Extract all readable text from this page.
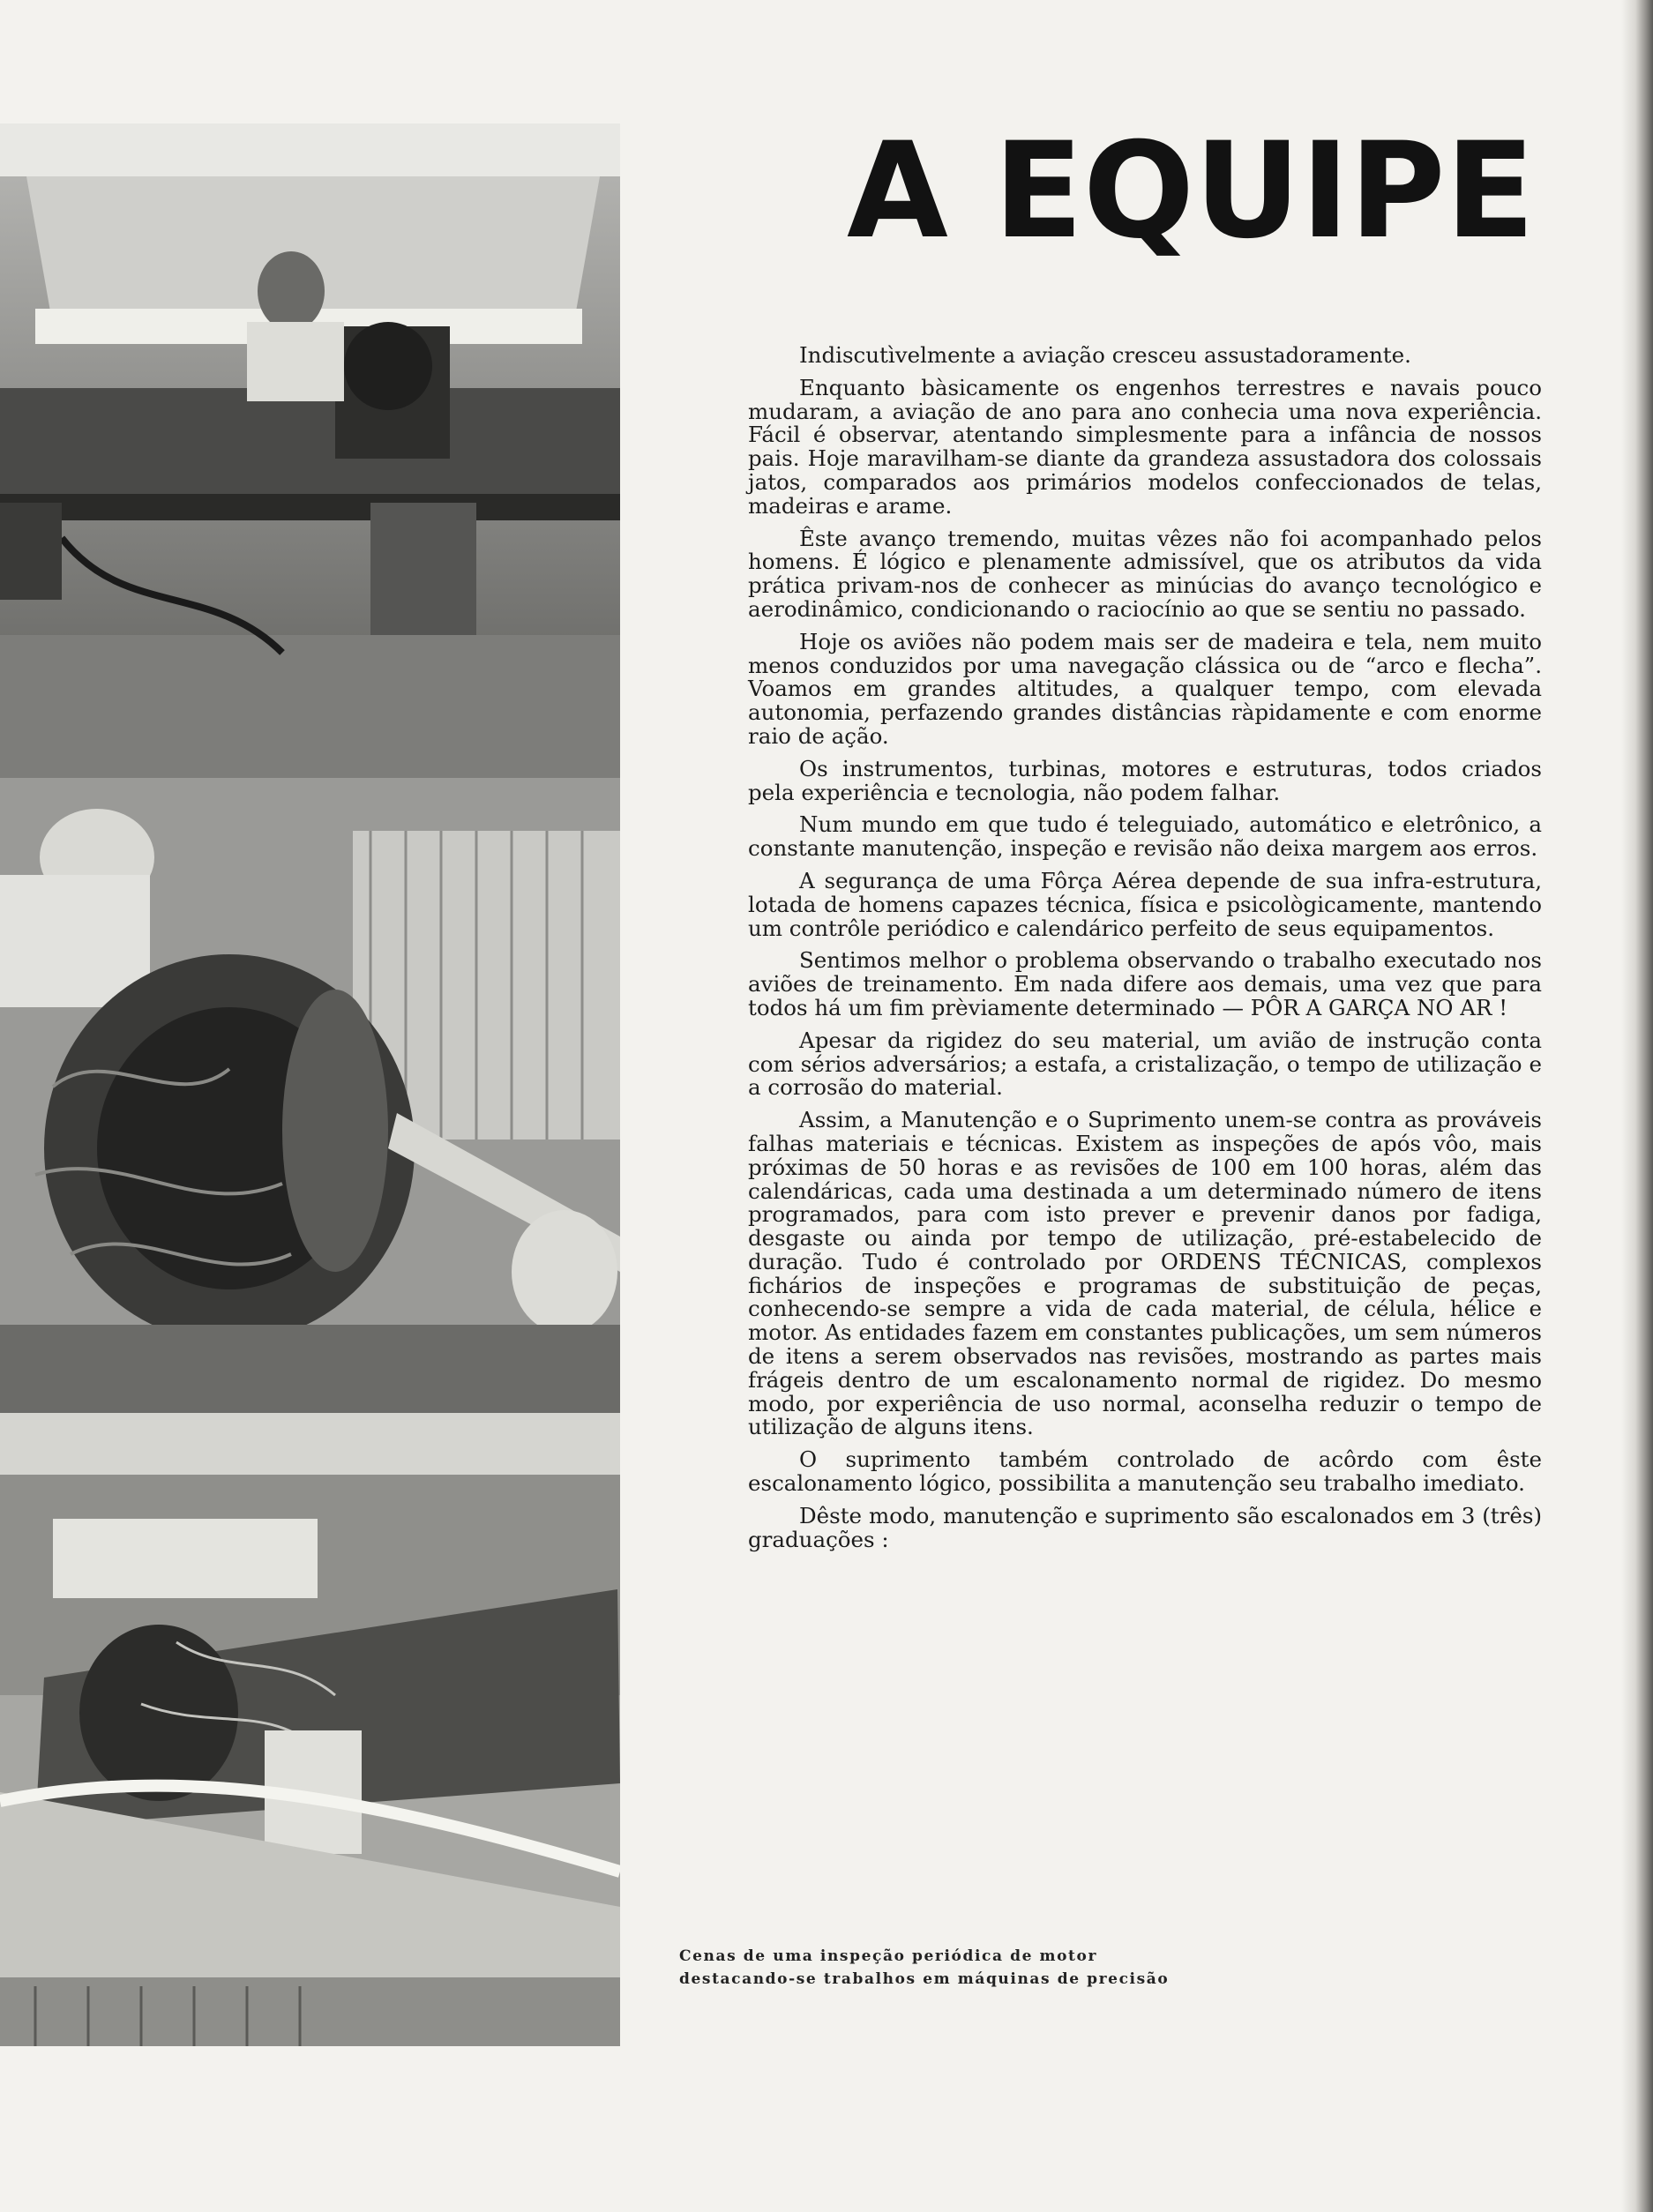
A EQUIPE

Indiscutìvelmente a aviação cresceu assustadoramente.

Enquanto bàsicamente os engenhos terrestres e navais pouco mudaram, a aviação de ano para ano conhecia uma nova experiência. Fácil é observar, atentando simplesmente para a infância de nossos pais. Hoje maravilham-se diante da grandeza assustadora dos colossais jatos, comparados aos primários modelos confeccionados de telas, madeiras e arame.

Êste avanço tremendo, muitas vêzes não foi acompanhado pelos homens. É lógico e plenamente admissível, que os atributos da vida prática privam-nos de conhecer as minúcias do avanço tecnológico e aerodinâmico, condicionando o raciocínio ao que se sentiu no passado.

Hoje os aviões não podem mais ser de madeira e tela, nem muito menos conduzidos por uma navegação clássica ou de “arco e flecha”. Voamos em grandes altitudes, a qualquer tempo, com elevada autonomia, perfazendo grandes distâncias ràpidamente e com enorme raio de ação.

Os instrumentos, turbinas, motores e estruturas, todos criados pela experiência e tecnologia, não podem falhar.

Num mundo em que tudo é teleguiado, automático e eletrônico, a constante manutenção, inspeção e revisão não deixa margem aos erros.

A segurança de uma Fôrça Aérea depende de sua infra-estrutura, lotada de homens capazes técnica, física e psicològicamente, mantendo um contrôle periódico e calendárico perfeito de seus equipamentos.

Sentimos melhor o problema observando o trabalho executado nos aviões de treinamento. Em nada difere aos demais, uma vez que para todos há um fim prèviamente determinado — PÔR A GARÇA NO AR !

Apesar da rigidez do seu material, um avião de instrução conta com sérios adversários; a estafa, a cristalização, o tempo de utilização e a corrosão do material.

Assim, a Manutenção e o Suprimento unem-se contra as prováveis falhas materiais e técnicas. Existem as inspeções de após vôo, mais próximas de 50 horas e as revisões de 100 em 100 horas, além das calendáricas, cada uma destinada a um determinado número de itens programados, para com isto prever e prevenir danos por fadiga, desgaste ou ainda por tempo de utilização, pré-estabelecido de duração. Tudo é controlado por ORDENS TÉCNICAS, complexos fichários de inspeções e programas de substituição de peças, conhecendo-se sempre a vida de cada material, de célula, hélice e motor. As entidades fazem em constantes publicações, um sem números de itens a serem observados nas revisões, mostrando as partes mais frágeis dentro de um escalonamento normal de rigidez. Do mesmo modo, por experiência de uso normal, aconselha reduzir o tempo de utilização de alguns itens.

O suprimento também controlado de acôrdo com êste escalonamento lógico, possibilita a manutenção seu trabalho imediato.

Dêste modo, manutenção e suprimento são escalonados em 3 (três) graduações :

Cenas de uma inspeção periódica de motor
destacando-se trabalhos em máquinas de precisão
